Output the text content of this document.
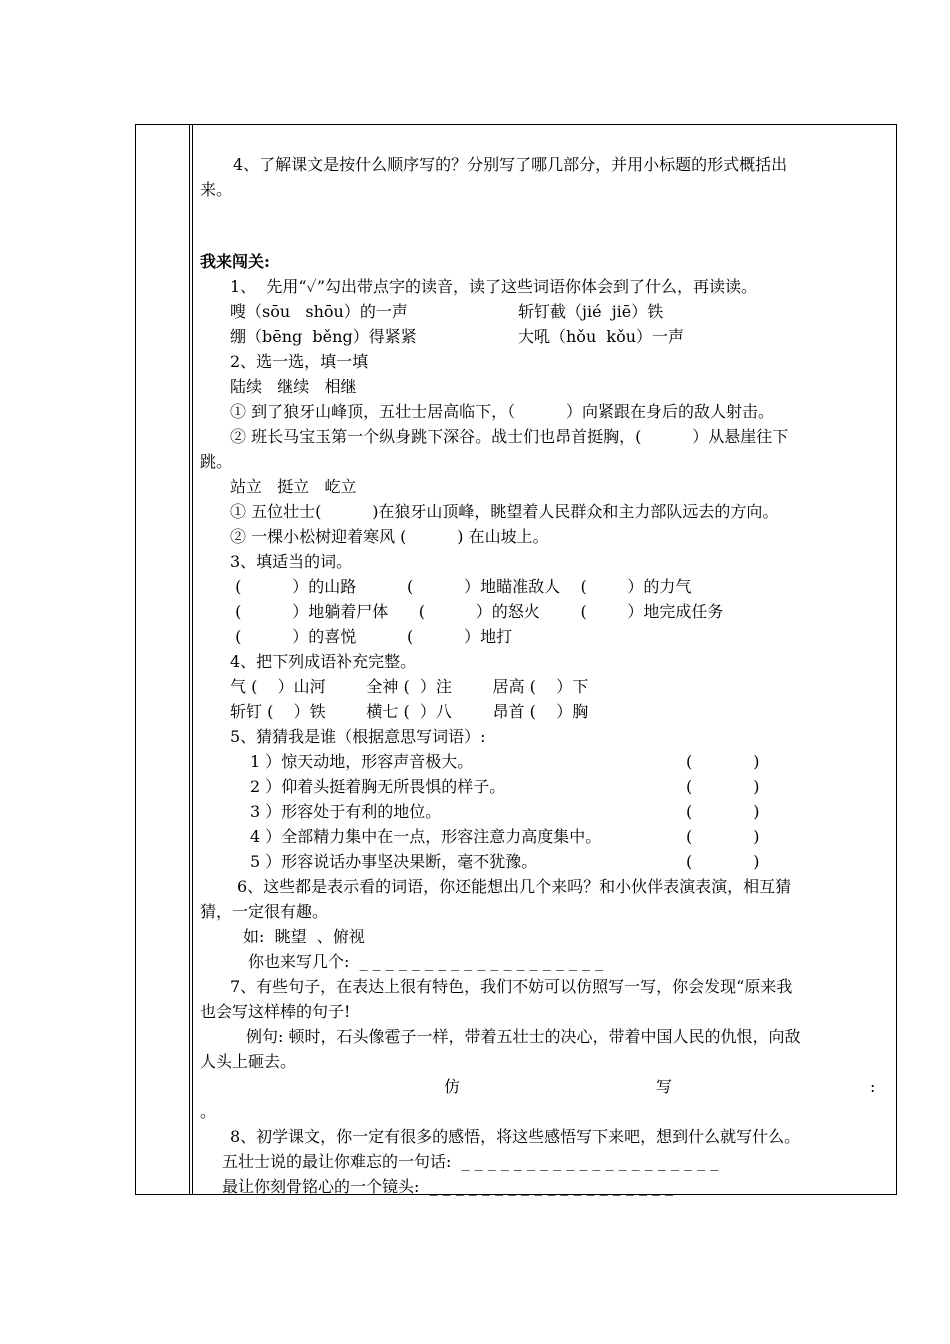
4、了解课文是按什么顺序写的？分别写了哪几部分，并用小标题的形式概括出
来。
我来闯关:
1、  先用“✓”勾出带点字的读音，读了这些词语你体会到了什么，再读读。
嗖（sōu   shōu）的一声	斩钉截（jié  jiē）铁
绷（bēng  běng）得紧紧	大吼（hǒu  kǒu）一声
2、选一选，填一填
陆续   继续   相继
① 到了狼牙山峰顶，五壮士居高临下，（          ）向紧跟在身后的敌人射击。
② 班长马宝玉第一个纵身跳下深谷。战士们也昂首挺胸，(          ）从悬崖往下
跳。
站立   挺立   屹立
① 五位壮士(          )在狼牙山顶峰，眺望着人民群众和主力部队远去的方向。
② 一棵小松树迎着寒风 (          ) 在山坡上。
3、填适当的词。
(          ）的山路          (          ）地瞄准敌人    (        ）的力气
(          ）地躺着尸体      (          ）的怒火        (        ）地完成任务
(          ）的喜悦          (          ）地打
4、把下列成语补充完整。
气 (    ）山河        全神 (  ）注        居高 (    ）下
斩钉 (    ）铁        横七 (  ）八        昂首 (    ）胸
5、猜猜我是谁（根据意思写词语）:
1 ）惊天动地，形容声音极大。	(            )
2 ）仰着头挺着胸无所畏惧的样子。	(            )
3 ）形容处于有利的地位。	(            )
4 ）全部精力集中在一点，形容注意力高度集中。	(            )
5 ）形容说话办事坚决果断，毫不犹豫。	(            )
6、这些都是表示看的词语，你还能想出几个来吗？和小伙伴表演表演，相互猜
猜，一定很有趣。
如:  眺望  、俯视
你也来写几个:  _ _ _ _ _ _ _ _ _ _ _ _ _ _ _ _ _ _ _
7、有些句子，在表达上很有特色，我们不妨可以仿照写一写，你会发现“原来我
也会写这样棒的句子!
例句: 顿时，石头像雹子一样，带着五壮士的决心，带着中国人民的仇恨，向敌
人头上砸去。
仿	写	:
。
8、初学课文，你一定有很多的感悟，将这些感悟写下来吧，想到什么就写什么。
五壮士说的最让你难忘的一句话:  _ _ _ _ _ _ _ _ _ _ _ _ _ _ _ _ _ _ _ _
最让你刻骨铭心的一个镜头:  _ _ _ _ _ _ _ _ _ _ _ _ _ _ _ _ _ _ _
